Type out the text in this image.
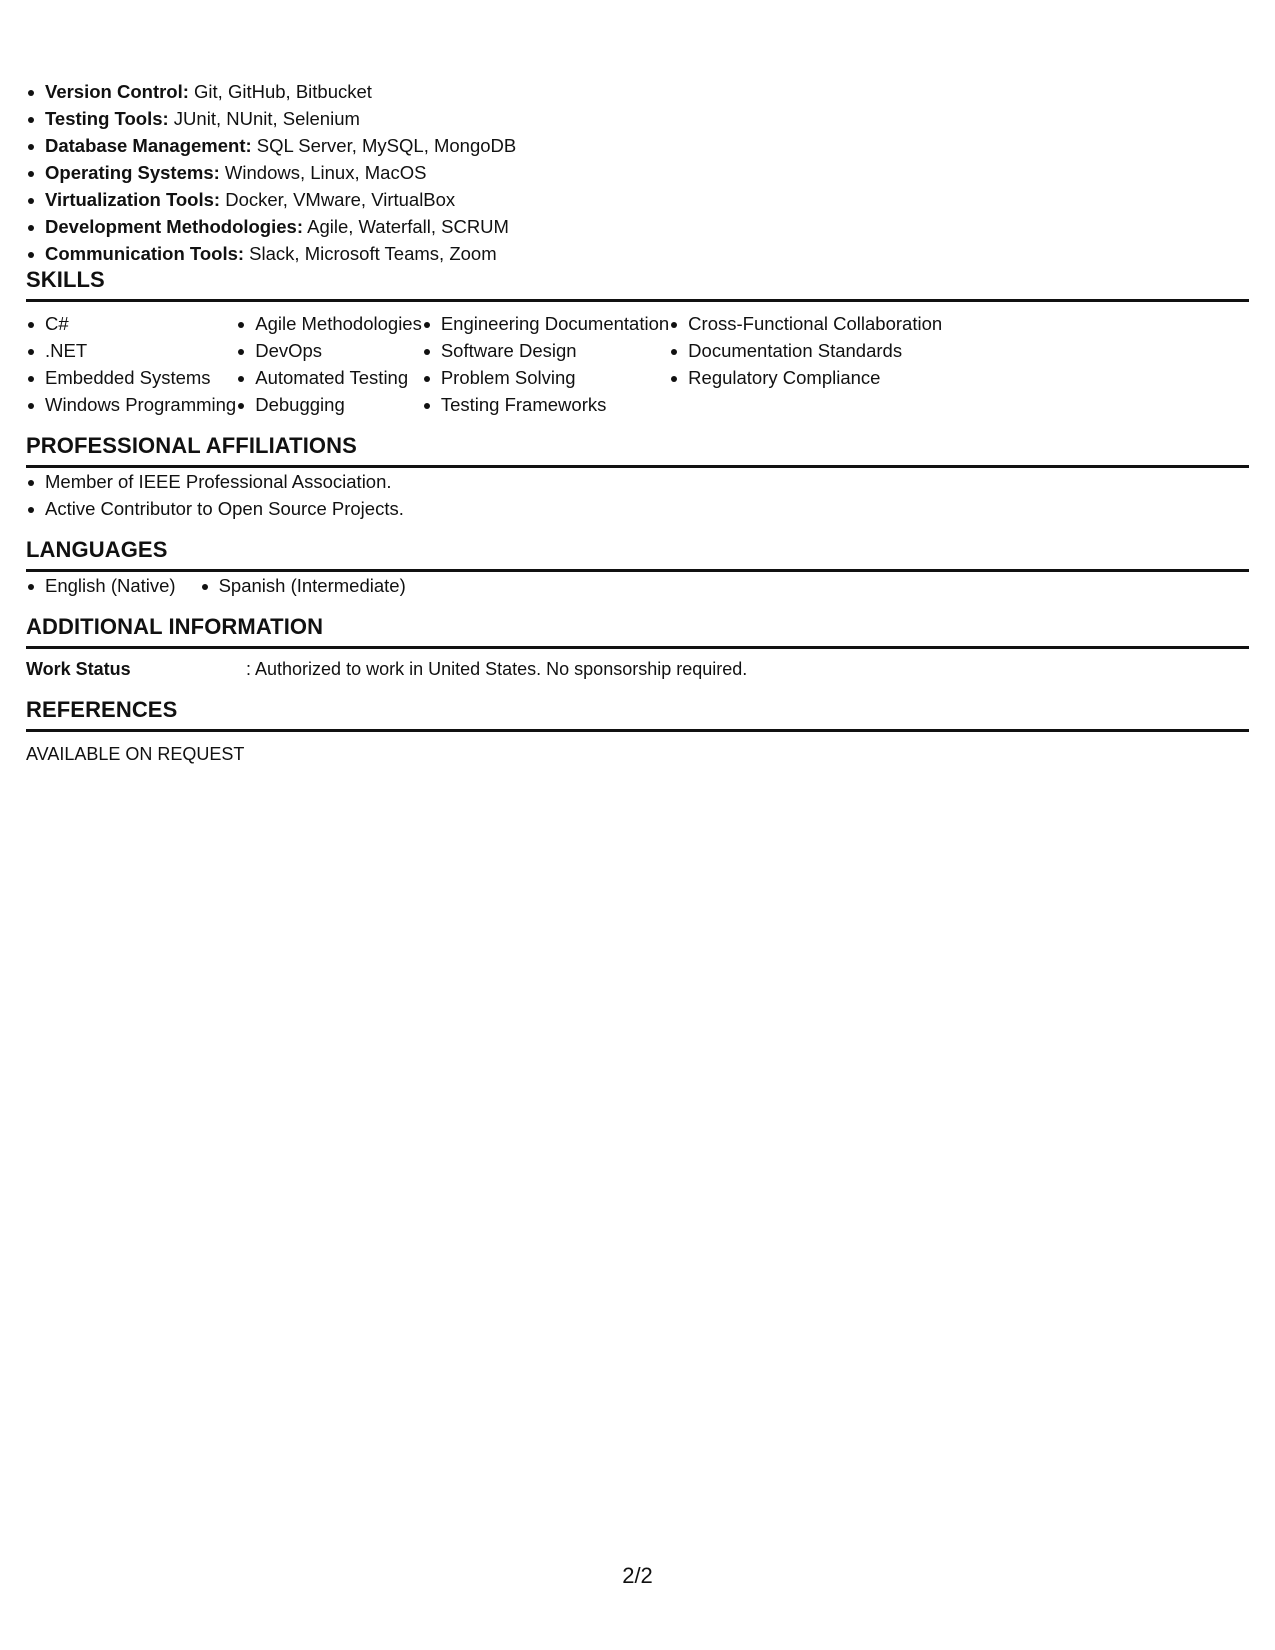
Version Control: Git, GitHub, Bitbucket
Testing Tools: JUnit, NUnit, Selenium
Database Management: SQL Server, MySQL, MongoDB
Operating Systems: Windows, Linux, MacOS
Virtualization Tools: Docker, VMware, VirtualBox
Development Methodologies: Agile, Waterfall, SCRUM
Communication Tools: Slack, Microsoft Teams, Zoom
SKILLS
C#
.NET
Embedded Systems
Windows Programming
Agile Methodologies
DevOps
Automated Testing
Debugging
Engineering Documentation
Software Design
Problem Solving
Testing Frameworks
Cross-Functional Collaboration
Documentation Standards
Regulatory Compliance
PROFESSIONAL AFFILIATIONS
Member of IEEE Professional Association.
Active Contributor to Open Source Projects.
LANGUAGES
English (Native)	Spanish (Intermediate)
ADDITIONAL INFORMATION
Work Status	: Authorized to work in United States. No sponsorship required.
REFERENCES
AVAILABLE ON REQUEST
2/2
